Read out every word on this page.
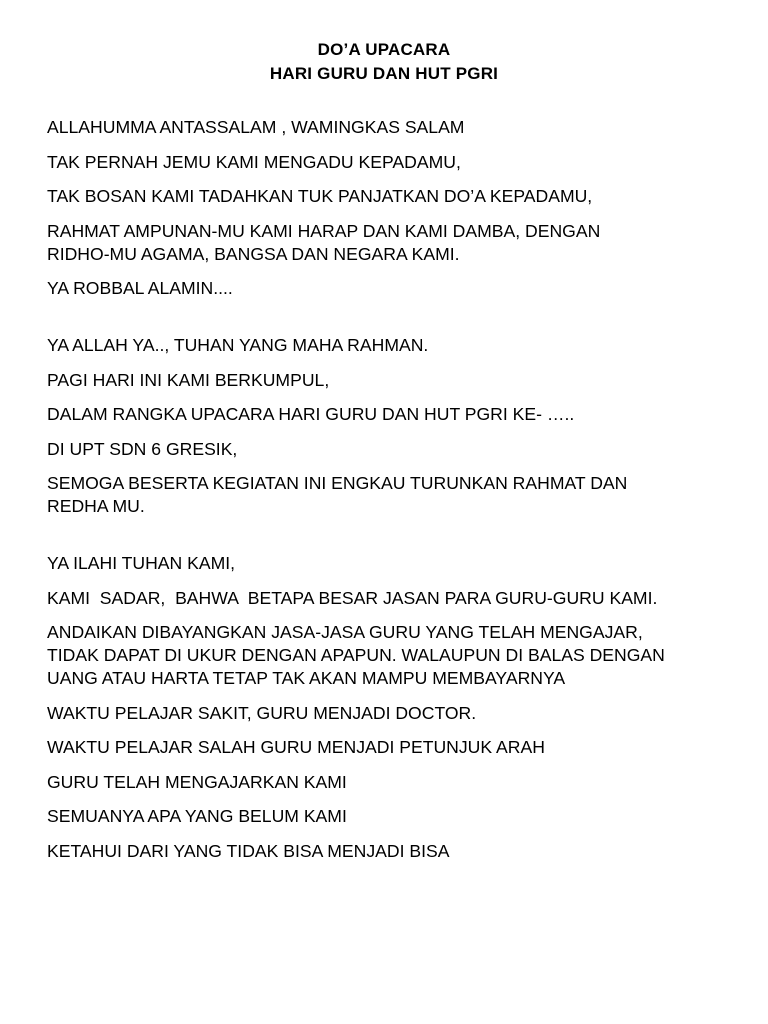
DO’A UPACARA
HARI GURU DAN HUT PGRI

ALLAHUMMA ANTASSALAM , WAMINGKAS SALAM

TAK PERNAH JEMU KAMI MENGADU KEPADAMU,

TAK BOSAN KAMI TADAHKAN TUK PANJATKAN DO’A KEPADAMU,

RAHMAT AMPUNAN-MU KAMI HARAP DAN KAMI DAMBA, DENGAN
RIDHO-MU AGAMA, BANGSA DAN NEGARA KAMI.

YA ROBBAL ALAMIN....

YA ALLAH YA.., TUHAN YANG MAHA RAHMAN.

PAGI HARI INI KAMI BERKUMPUL,

DALAM RANGKA UPACARA HARI GURU DAN HUT PGRI KE- …..

DI UPT SDN 6 GRESIK,

SEMOGA BESERTA KEGIATAN INI ENGKAU TURUNKAN RAHMAT DAN
REDHA MU.

YA ILAHI TUHAN KAMI,

KAMI  SADAR,  BAHWA  BETAPA BESAR JASAN PARA GURU-GURU KAMI.

ANDAIKAN DIBAYANGKAN JASA-JASA GURU YANG TELAH MENGAJAR,
TIDAK DAPAT DI UKUR DENGAN APAPUN. WALAUPUN DI BALAS DENGAN
UANG ATAU HARTA TETAP TAK AKAN MAMPU MEMBAYARNYA

WAKTU PELAJAR SAKIT, GURU MENJADI DOCTOR.

WAKTU PELAJAR SALAH GURU MENJADI PETUNJUK ARAH

GURU TELAH MENGAJARKAN KAMI

SEMUANYA APA YANG BELUM KAMI

KETAHUI DARI YANG TIDAK BISA MENJADI BISA
